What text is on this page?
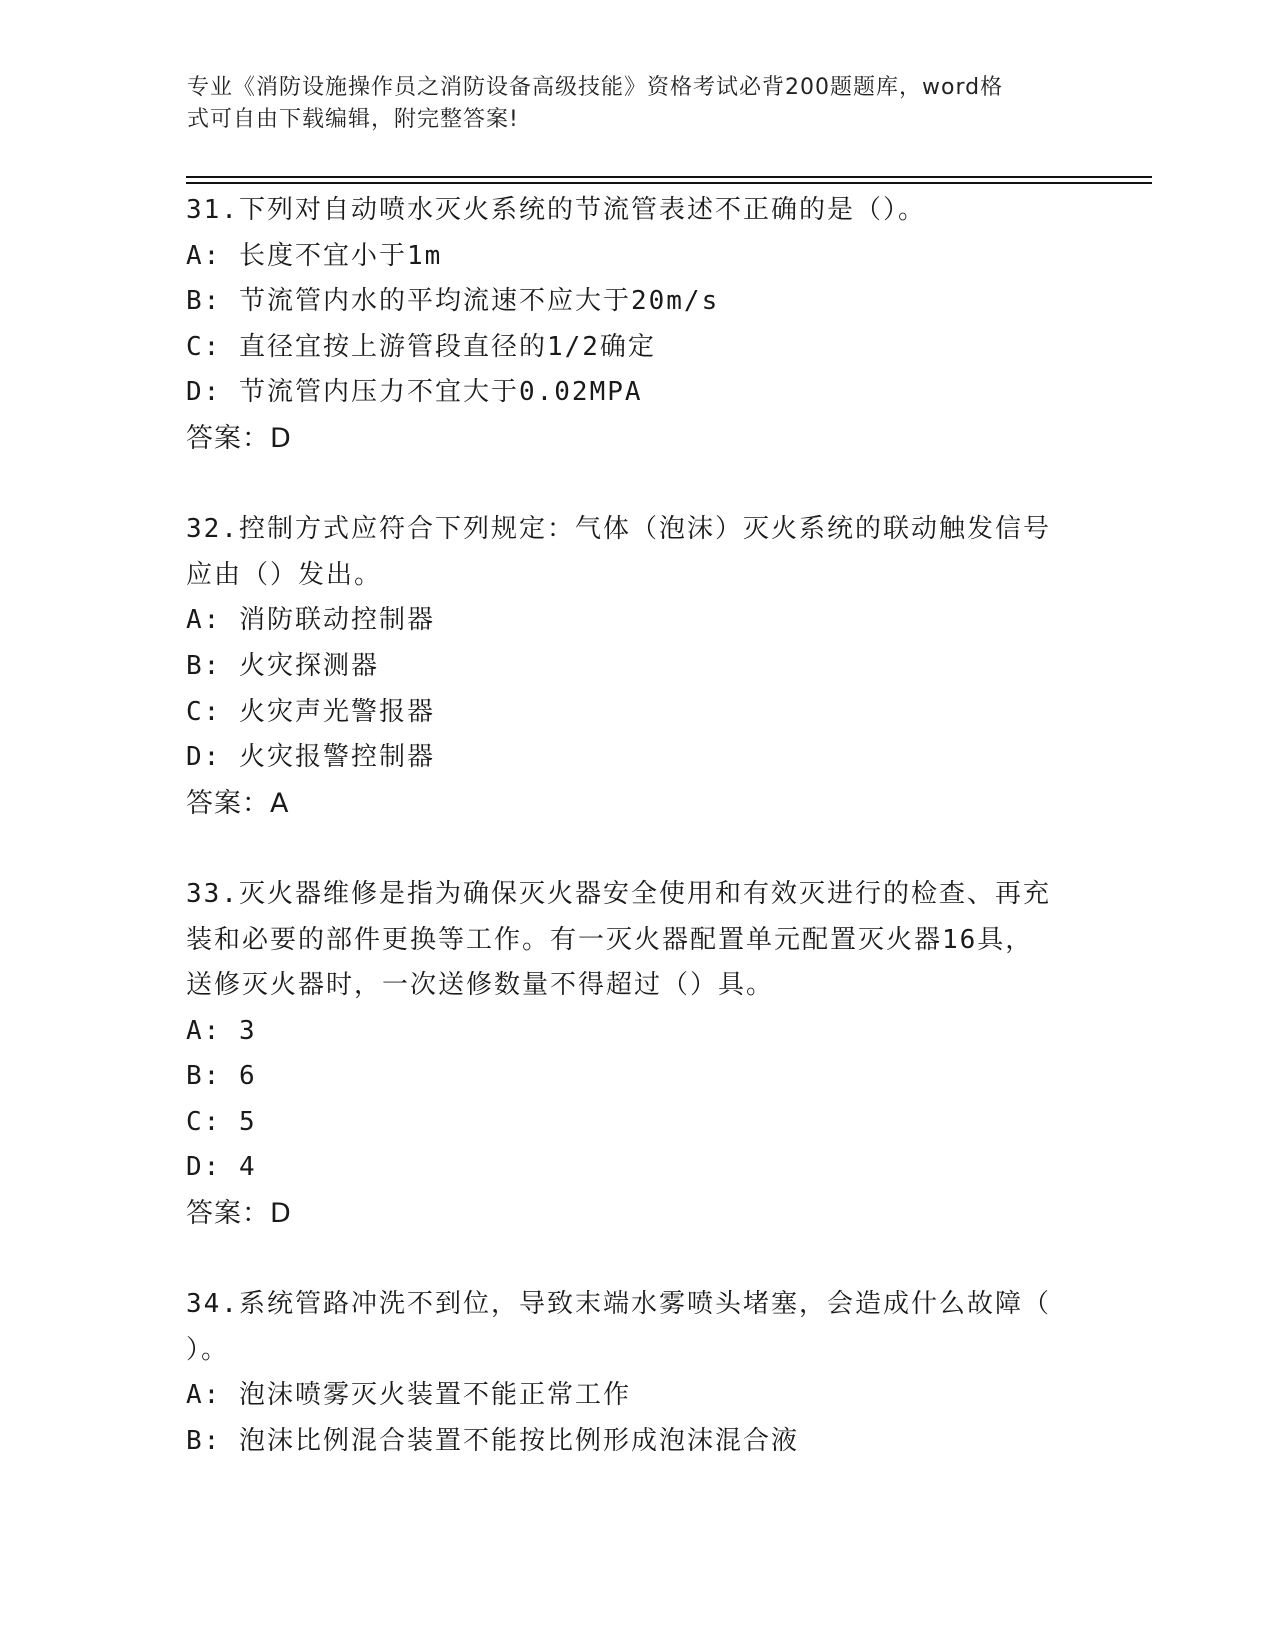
专业《消防设施操作员之消防设备高级技能》资格考试必背200题题库，word格
式可自由下载编辑，附完整答案!
31.下列对自动喷水灭火系统的节流管表述不正确的是（）。
A: 长度不宜小于1m
B: 节流管内水的平均流速不应大于20m/s
C: 直径宜按上游管段直径的1/2确定
D: 节流管内压力不宜大于0.02MPA
答案：D
32.控制方式应符合下列规定：气体（泡沫）灭火系统的联动触发信号
应由（）发出。
A: 消防联动控制器
B: 火灾探测器
C: 火灾声光警报器
D: 火灾报警控制器
答案：A
33.灭火器维修是指为确保灭火器安全使用和有效灭进行的检查、再充
装和必要的部件更换等工作。有一灭火器配置单元配置灭火器16具，
送修灭火器时，一次送修数量不得超过（）具。
A: 3
B: 6
C: 5
D: 4
答案：D
34.系统管路冲洗不到位，导致末端水雾喷头堵塞，会造成什么故障（
）。
A: 泡沫喷雾灭火装置不能正常工作
B: 泡沫比例混合装置不能按比例形成泡沫混合液
